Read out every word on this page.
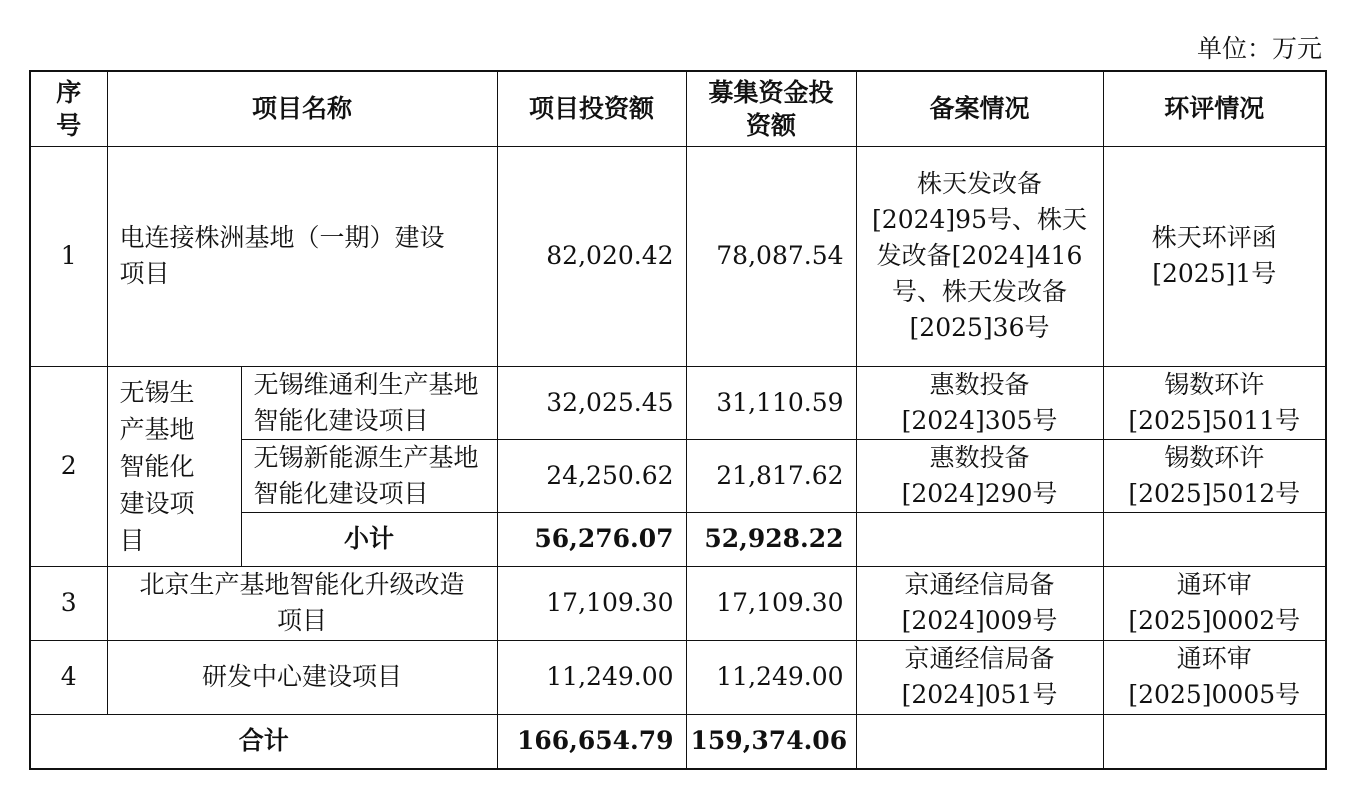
单位：万元
序号	项目名称		项目投资额	募集资金投资额	备案情况	环评情况
1	电连接株洲基地（一期）建设项目		82,020.42	78,087.54	株天发改备[2024]95号、株天发改备[2024]416号、株天发改备[2025]36号	株天环评函[2025]1号
2	无锡生产基地智能化建设项目	无锡维通利生产基地智能化建设项目	32,025.45	31,110.59	惠数投备[2024]305号	锡数环许[2025]5011号
		无锡新能源生产基地智能化建设项目	24,250.62	21,817.62	惠数投备[2024]290号	锡数环许[2025]5012号
		小计	56,276.07	52,928.22		
3	北京生产基地智能化升级改造项目		17,109.30	17,109.30	京通经信局备[2024]009号	通环审[2025]0002号
4	研发中心建设项目		11,249.00	11,249.00	京通经信局备[2024]051号	通环审[2025]0005号
合计			166,654.79	159,374.06		
